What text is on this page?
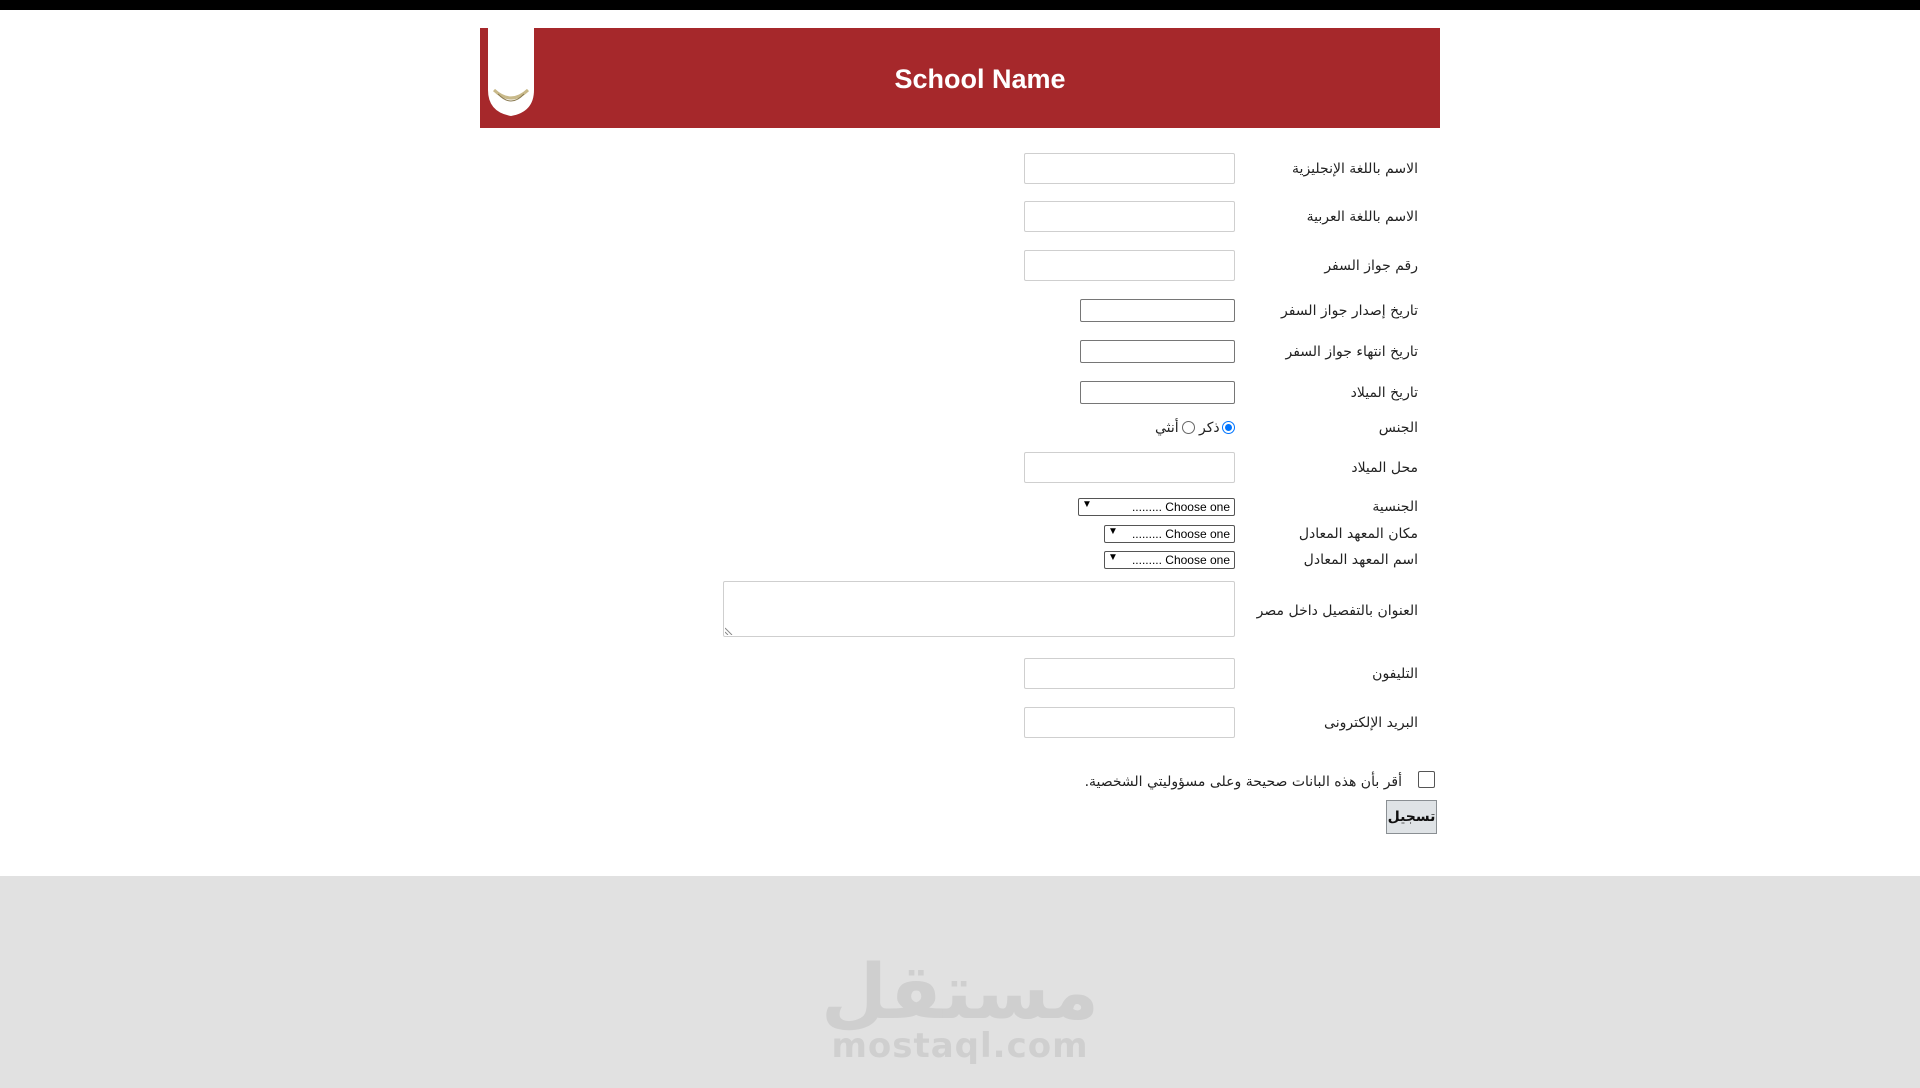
School Name
الاسم باللغة الإنجليزية
الاسم باللغة العربية
رقم جواز السفر
تاريخ إصدار جواز السفر
تاريخ انتهاء جواز السفر
تاريخ الميلاد
الجنس
ذكر
أنثي
محل الميلاد
الجنسية
▼	......... Choose one
مكان المعهد المعادل
▼ ......... Choose one
اسم المعهد المعادل
▼ ......... Choose one
العنوان بالتفصيل داخل مصر
التليفون
البريد الإلكترونى
أقر بأن هذه البانات صحيحة وعلى مسؤوليتي الشخصية.
تسجيل
مستقل
mostaql.com
